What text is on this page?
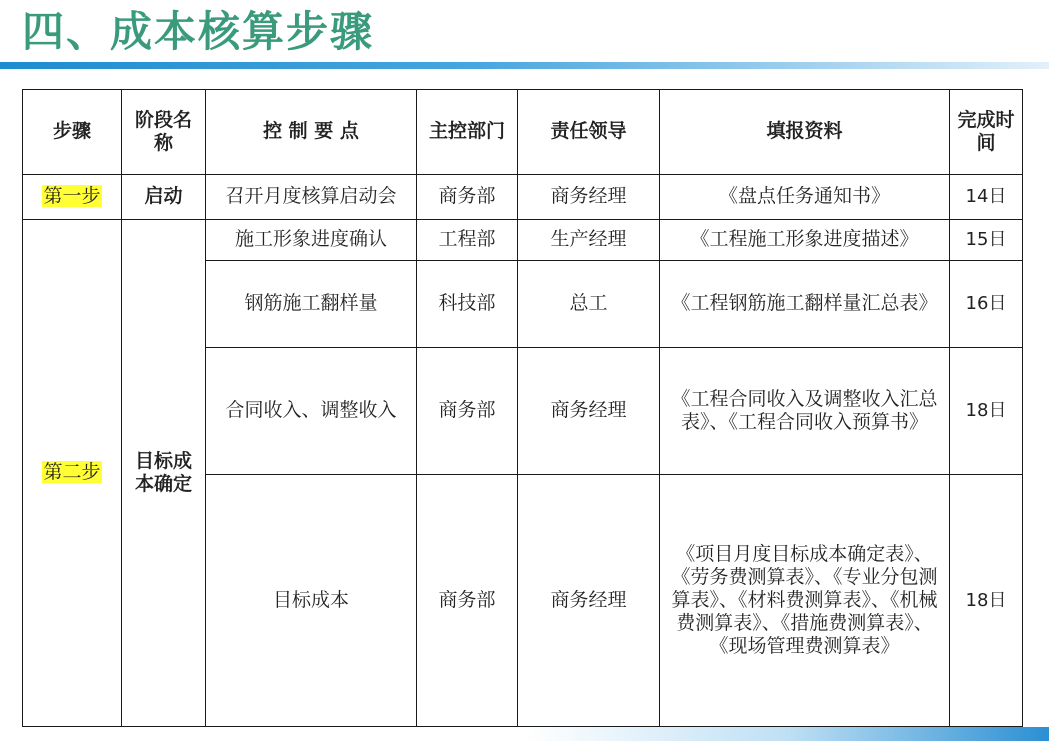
四、成本核算步骤
步骤	阶段名称	控 制 要 点	主控部门	责任领导	填报资料	完成时间
第一步	启动	召开月度核算启动会	商务部	商务经理	《盘点任务通知书》	14日
第二步	目标成本确定	施工形象进度确认	工程部	生产经理	《工程施工形象进度描述》	15日
		钢筋施工翻样量	科技部	总工	《工程钢筋施工翻样量汇总表》	16日
		合同收入、调整收入	商务部	商务经理	《工程合同收入及调整收入汇总表》、《工程合同收入预算书》	18日
		目标成本	商务部	商务经理	《项目月度目标成本确定表》、《劳务费测算表》、《专业分包测算表》、《材料费测算表》、《机械费测算表》、《措施费测算表》、《现场管理费测算表》	18日
